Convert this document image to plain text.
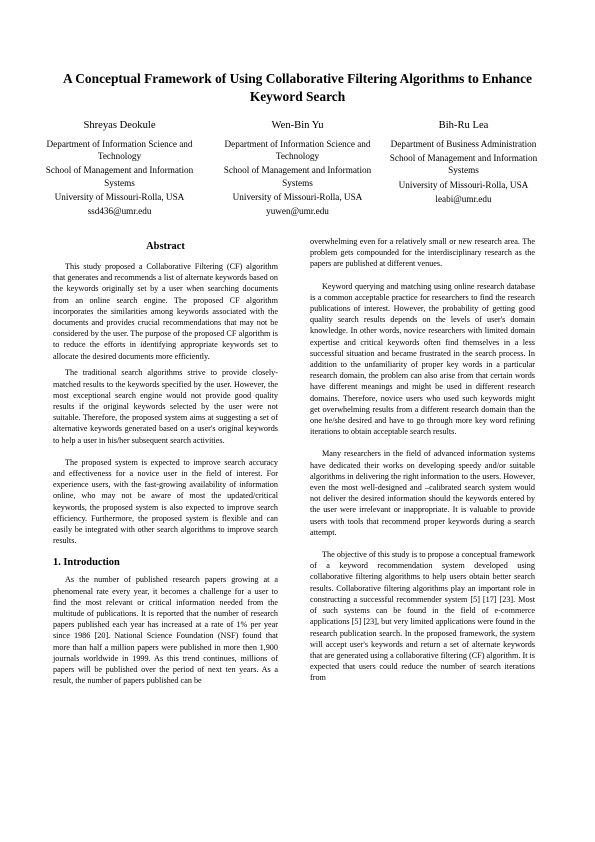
A Conceptual Framework of Using Collaborative Filtering Algorithms to Enhance Keyword Search
Shreyas Deokule
Department of Information Science and Technology
School of Management and Information Systems
University of Missouri-Rolla, USA
ssd436@umr.edu
Wen-Bin Yu
Department of Information Science and Technology
School of Management and Information Systems
University of Missouri-Rolla, USA
yuwen@umr.edu
Bih-Ru Lea
Department of Business Administration
School of Management and Information Systems
University of Missouri-Rolla, USA
leabi@umr.edu
Abstract

This study proposed a Collaborative Filtering (CF) algorithm that generates and recommends a list of alternate keywords based on the keywords originally set by a user when searching documents from an online search engine. The proposed CF algorithm incorporates the similarities among keywords associated with the documents and provides crucial recommendations that may not be considered by the user. The purpose of the proposed CF algorithm is to reduce the efforts in identifying appropriate keywords set to allocate the desired documents more efficiently.

The traditional search algorithms strive to provide closely-matched results to the keywords specified by the user. However, the most exceptional search engine would not provide good quality results if the original keywords selected by the user were not suitable. Therefore, the proposed system aims at suggesting a set of alternative keywords generated based on a user's original keywords to help a user in his/her subsequent search activities.

The proposed system is expected to improve search accuracy and effectiveness for a novice user in the field of interest. For experience users, with the fast-growing availability of information online, who may not be aware of most the updated/critical keywords, the proposed system is also expected to improve search efficiency. Furthermore, the proposed system is flexible and can easily be integrated with other search algorithms to improve search results.

1. Introduction

As the number of published research papers growing at a phenomenal rate every year, it becomes a challenge for a user to find the most relevant or critical information needed from the multitude of publications. It is reported that the number of research papers published each year has increased at a rate of 1% per year since 1986 [20]. National Science Foundation (NSF) found that more than half a million papers were published in more then 1,900 journals worldwide in 1999. As this trend continues, millions of papers will be published over the period of next ten years. As a result, the number of papers published can be

overwhelming even for a relatively small or new research area. The problem gets compounded for the interdisciplinary research as the papers are published at different venues.

Keyword querying and matching using online research database is a common acceptable practice for researchers to find the research publications of interest. However, the probability of getting good quality search results depends on the levels of user's domain knowledge. In other words, novice researchers with limited domain expertise and critical keywords often find themselves in a less successful situation and became frustrated in the search process. In addition to the unfamiliarity of proper key words in a particular research domain, the problem can also arise from that certain words have different meanings and might be used in different research domains. Therefore, novice users who used such keywords might get overwhelming results from a different research domain than the one he/she desired and have to go through more key word refining iterations to obtain acceptable search results.

Many researchers in the field of advanced information systems have dedicated their works on developing speedy and/or suitable algorithms in delivering the right information to the users. However, even the most well-designed and –calibrated search system would not deliver the desired information should the keywords entered by the user were irrelevant or inappropriate. It is valuable to provide users with tools that recommend proper keywords during a search attempt.

The objective of this study is to propose a conceptual framework of a keyword recommendation system developed using collaborative filtering algorithms to help users obtain better search results. Collaborative filtering algorithms play an important role in constructing a successful recommender system [5] [17] [23]. Most of such systems can be found in the field of e-commerce applications [5] [23], but very limited applications were found in the research publication search. In the proposed framework, the system will accept user's keywords and return a set of alternate keywords that are generated using a collaborative filtering (CF) algorithm. It is expected that users could reduce the number of search iterations from
